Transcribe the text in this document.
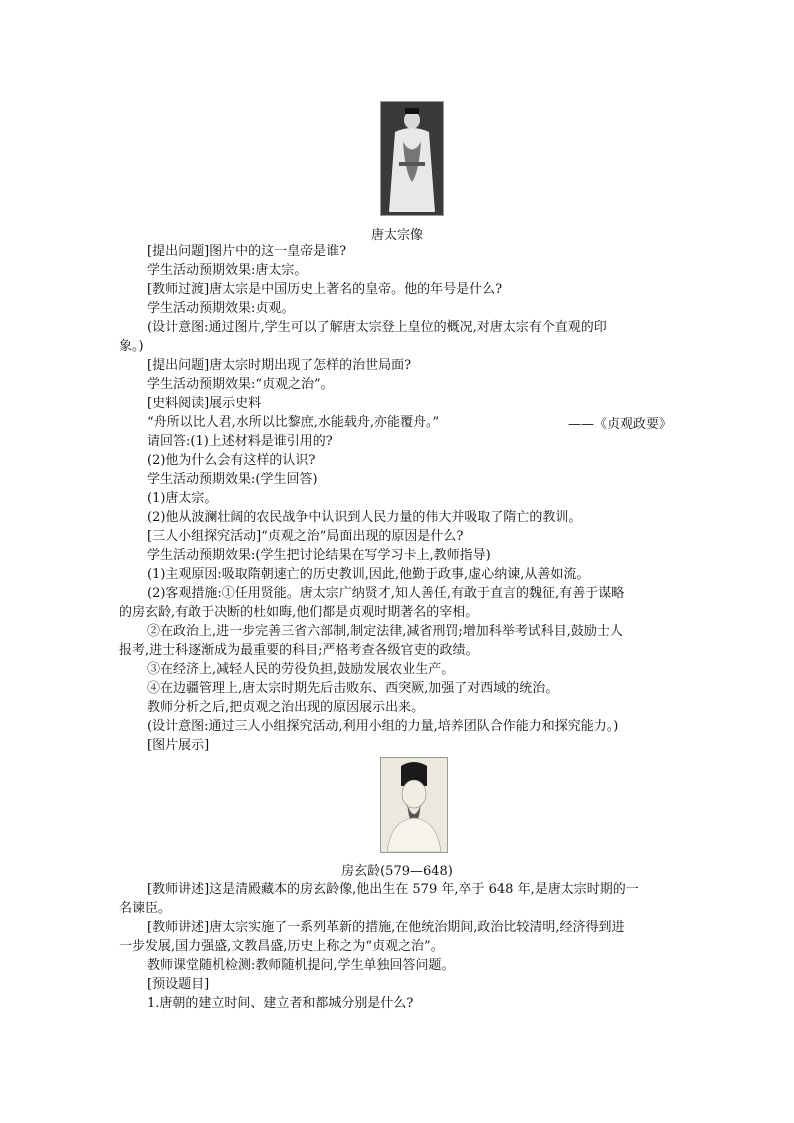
唐太宗像
[提出问题]图片中的这一皇帝是谁?
学生活动预期效果:唐太宗。
[教师过渡]唐太宗是中国历史上著名的皇帝。他的年号是什么?
学生活动预期效果:贞观。
(设计意图:通过图片,学生可以了解唐太宗登上皇位的概况,对唐太宗有个直观的印
象。)
[提出问题]唐太宗时期出现了怎样的治世局面?
学生活动预期效果:“贞观之治”。
[史料阅读]展示史料
“舟所以比人君,水所以比黎庶,水能载舟,亦能覆舟。”	——《贞观政要》
请回答:(1)上述材料是谁引用的?
(2)他为什么会有这样的认识?
学生活动预期效果:(学生回答)
(1)唐太宗。
(2)他从波澜壮阔的农民战争中认识到人民力量的伟大并吸取了隋亡的教训。
[三人小组探究活动]“贞观之治”局面出现的原因是什么?
学生活动预期效果:(学生把讨论结果在写学习卡上,教师指导)
(1)主观原因:吸取隋朝速亡的历史教训,因此,他勤于政事,虚心纳谏,从善如流。
(2)客观措施:①任用贤能。唐太宗广纳贤才,知人善任,有敢于直言的魏征,有善于谋略
的房玄龄,有敢于决断的杜如晦,他们都是贞观时期著名的宰相。
②在政治上,进一步完善三省六部制,制定法律,减省刑罚;增加科举考试科目,鼓励士人
报考,进士科逐渐成为最重要的科目;严格考查各级官吏的政绩。
③在经济上,减轻人民的劳役负担,鼓励发展农业生产。
④在边疆管理上,唐太宗时期先后击败东、西突厥,加强了对西域的统治。
教师分析之后,把贞观之治出现的原因展示出来。
(设计意图:通过三人小组探究活动,利用小组的力量,培养团队合作能力和探究能力。)
[图片展示]
房玄龄(579—648)
[教师讲述]这是清殿藏本的房玄龄像,他出生在 579 年,卒于 648 年,是唐太宗时期的一
名谏臣。
[教师讲述]唐太宗实施了一系列革新的措施,在他统治期间,政治比较清明,经济得到进
一步发展,国力强盛,文教昌盛,历史上称之为“贞观之治”。
教师课堂随机检测:教师随机提问,学生单独回答问题。
[预设题目]
1.唐朝的建立时间、建立者和都城分别是什么?
